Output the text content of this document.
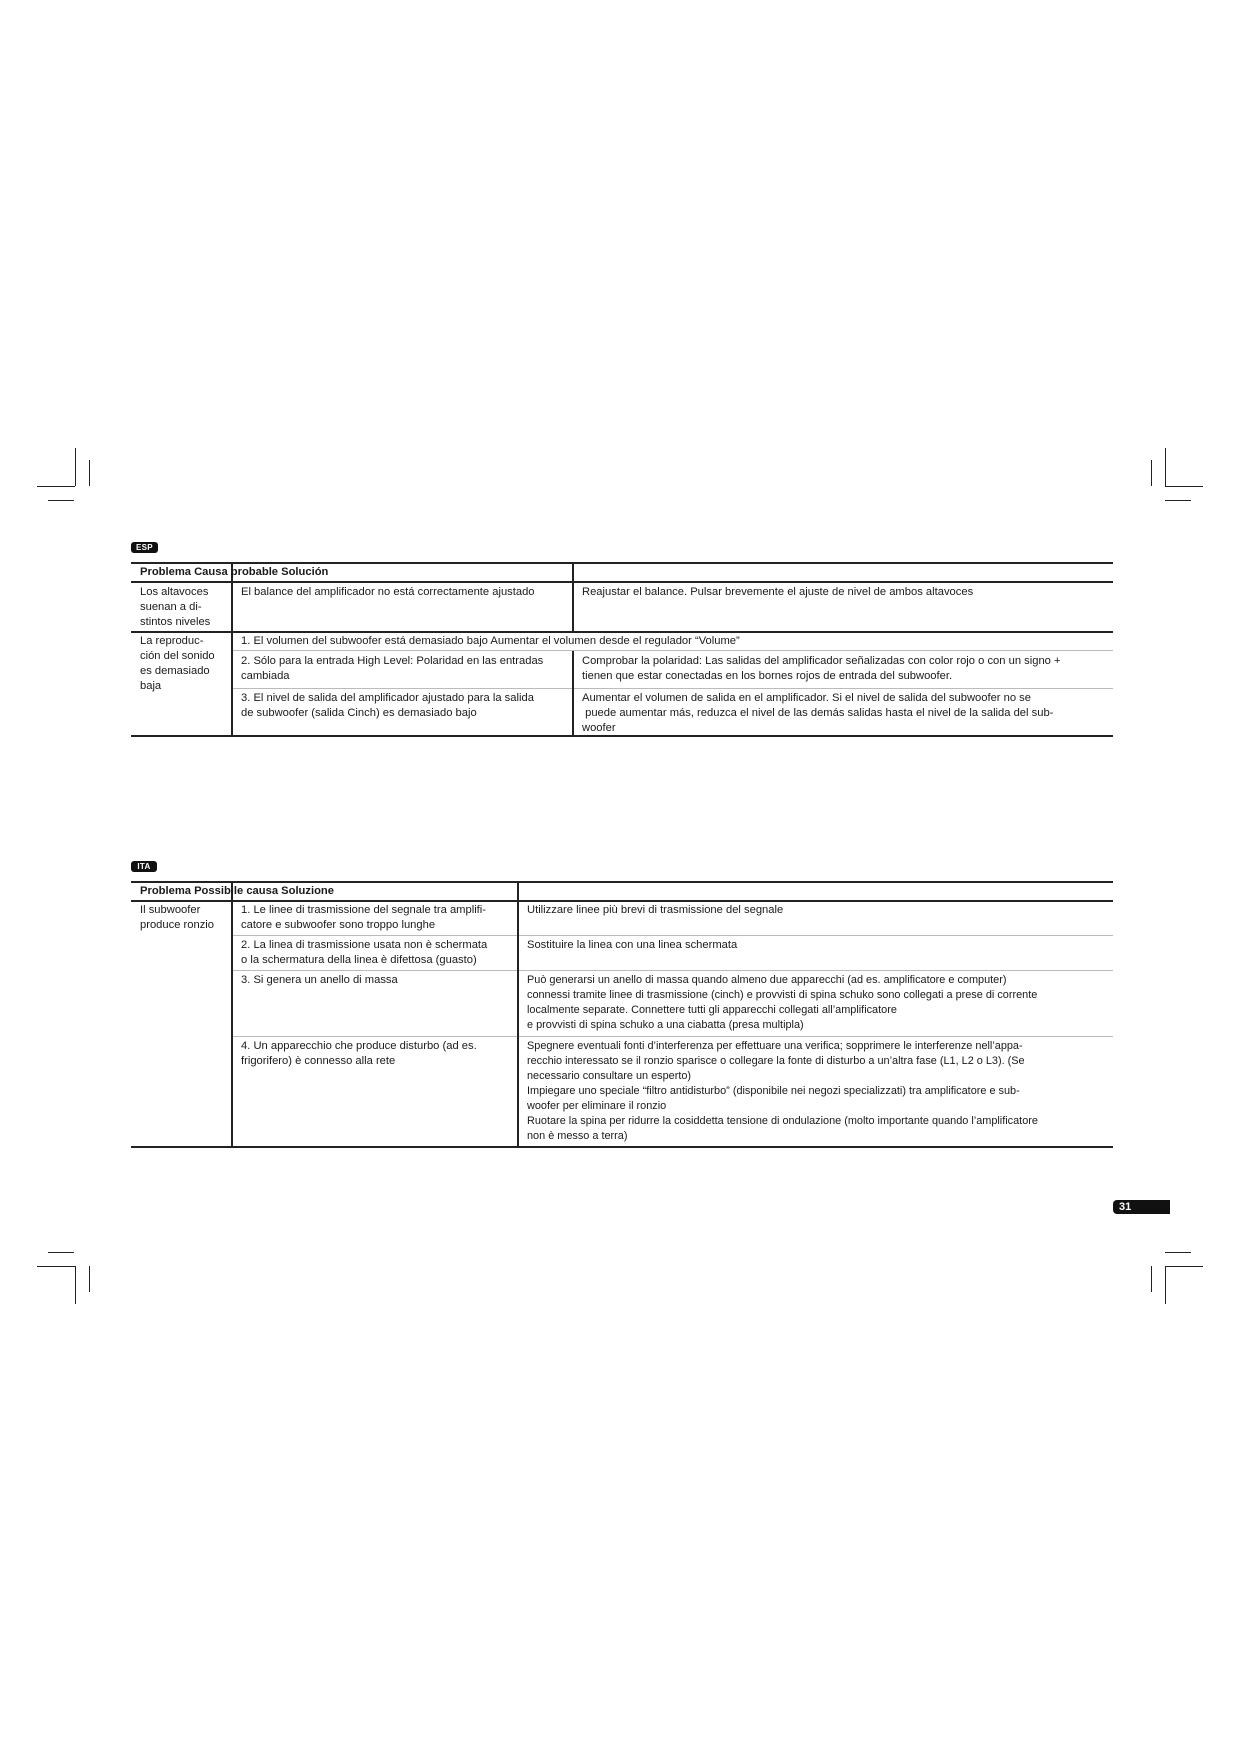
ESP
Problema Causa probable Solución
Los altavoces
suenan a di-
stintos niveles
El balance del amplificador no está correctamente ajustado	Reajustar el balance. Pulsar brevemente el ajuste de nivel de ambos altavoces
La reproduc-
ción del sonido
es demasiado
baja
1. El volumen del subwoofer está demasiado bajo Aumentar el volumen desde el regulador “Volume”
2. Sólo para la entrada High Level: Polaridad en las entradas
cambiada
Comprobar la polaridad: Las salidas del amplificador señalizadas con color rojo o con un signo +
tienen que estar conectadas en los bornes rojos de entrada del subwoofer.
3. El nivel de salida del amplificador ajustado para la salida
de subwoofer (salida Cinch) es demasiado bajo
Aumentar el volumen de salida en el amplificador. Si el nivel de salida del subwoofer no se
puede aumentar más, reduzca el nivel de las demás salidas hasta el nivel de la salida del sub-
woofer
ITA
Problema Possibile causa Soluzione
Il subwoofer
produce ronzio
1. Le linee di trasmissione del segnale tra amplifi-
catore e subwoofer sono troppo lunghe
Utilizzare linee più brevi di trasmissione del segnale
2. La linea di trasmissione usata non è schermata
o la schermatura della linea è difettosa (guasto)
Sostituire la linea con una linea schermata
3. Si genera un anello di massa	Può generarsi un anello di massa quando almeno due apparecchi (ad es. amplificatore e computer)
connessi tramite linee di trasmissione (cinch) e provvisti di spina schuko sono collegati a prese di corrente
localmente separate. Connettere tutti gli apparecchi collegati all’amplificatore
e provvisti di spina schuko a una ciabatta (presa multipla)
4. Un apparecchio che produce disturbo (ad es.
frigorifero) è connesso alla rete
Spegnere eventuali fonti d’interferenza per effettuare una verifica; sopprimere le interferenze nell’appa-
recchio interessato se il ronzio sparisce o collegare la fonte di disturbo a un’altra fase (L1, L2 o L3). (Se
necessario consultare un esperto)
Impiegare uno speciale “filtro antidisturbo” (disponibile nei negozi specializzati) tra amplificatore e sub-
woofer per eliminare il ronzio
Ruotare la spina per ridurre la cosiddetta tensione di ondulazione (molto importante quando l’amplificatore
non è messo a terra)
31
